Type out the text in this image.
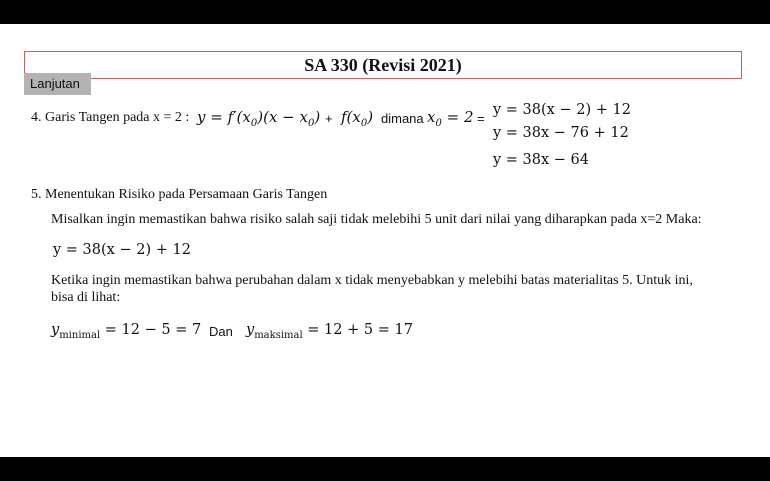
SA 330 (Revisi 2021)
Lanjutan
4. Garis Tangen pada x = 2 : $y = f'(x_0)(x - x_0) + f(x_0)$ dimana $x_0 = 2$ =
y = 38(x − 2) + 12
y = 38x − 76 + 12
y = 38x − 64
5. Menentukan Risiko pada Persamaan Garis Tangen
Misalkan ingin memastikan bahwa risiko salah saji tidak melebihi 5 unit dari nilai yang diharapkan pada x=2 Maka:
y = 38(x − 2) + 12
Ketika ingin memastikan bahwa perubahan dalam x tidak menyebabkan y melebihi batas materialitas 5. Untuk ini,
bisa di lihat:
$y_{minimal} = 12 - 5 = 7$ Dan $y_{maksimal} = 12 + 5 = 17$
